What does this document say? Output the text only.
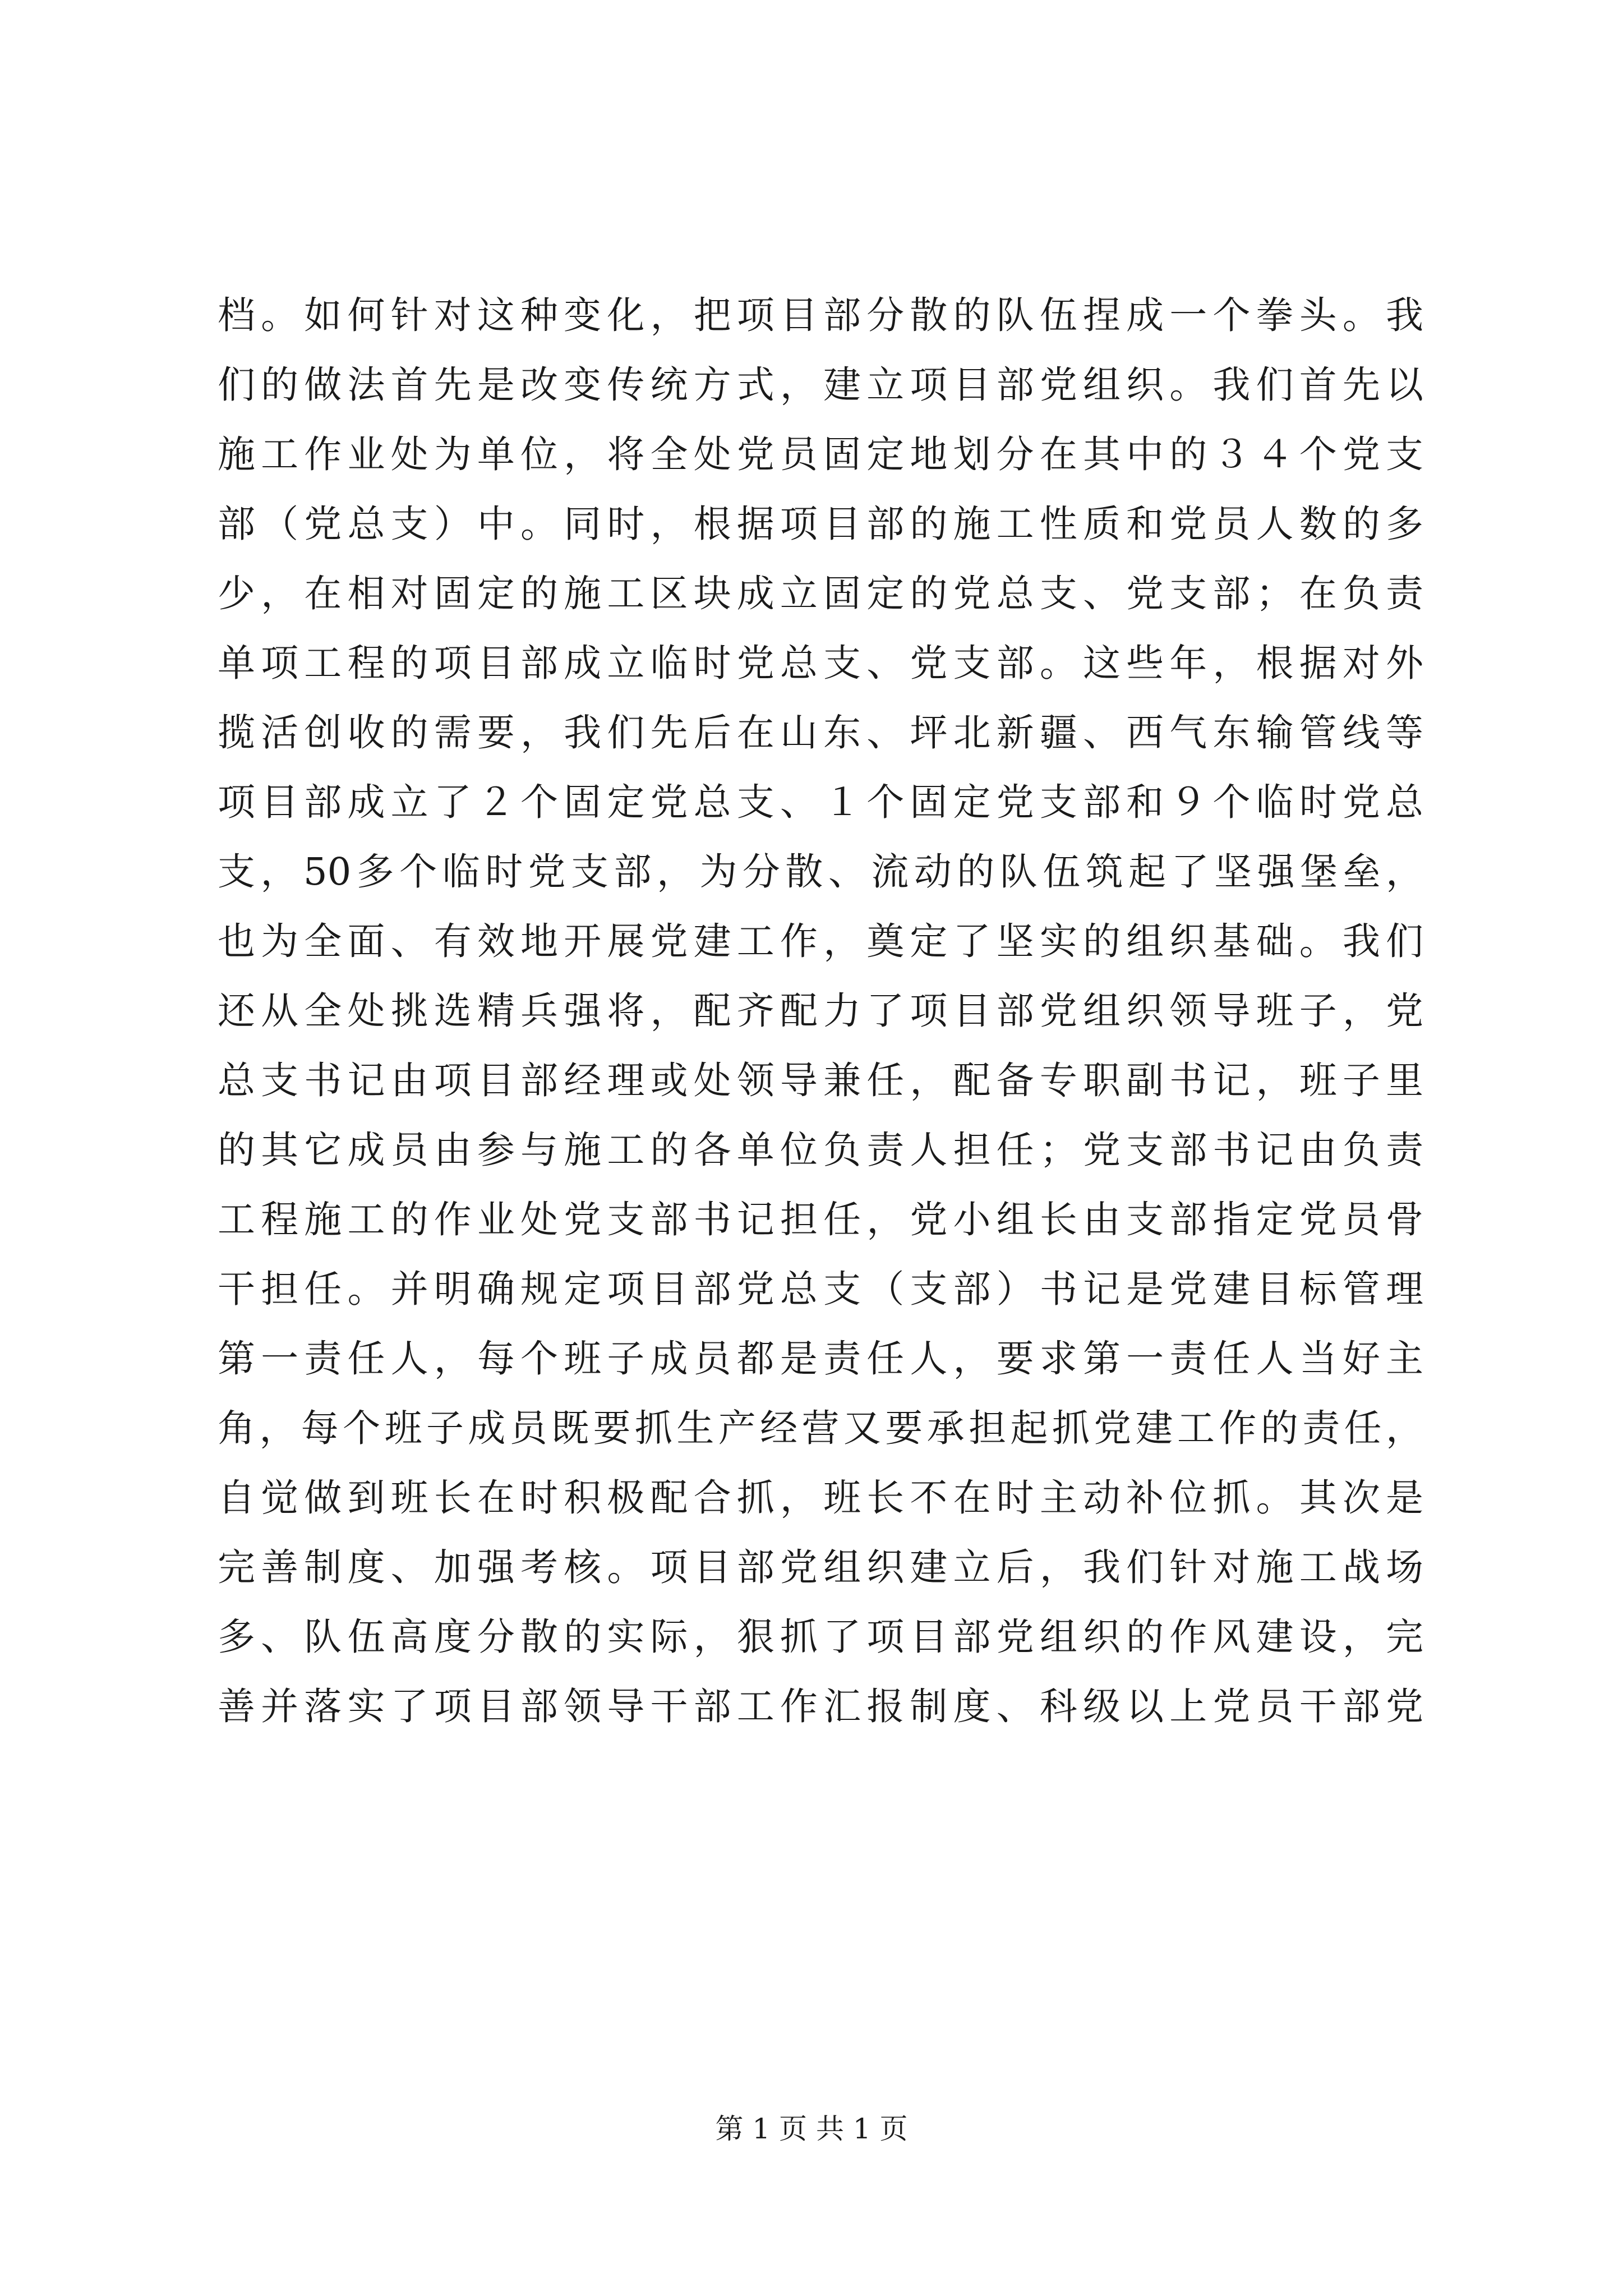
档。如何针对这种变化，把项目部分散的队伍捏成一个拳头。我
们的做法首先是改变传统方式，建立项目部党组织。我们首先以
施工作业处为单位，将全处党员固定地划分在其中的３４个党支
部（党总支）中。同时，根据项目部的施工性质和党员人数的多
少，在相对固定的施工区块成立固定的党总支、党支部；在负责
单项工程的项目部成立临时党总支、党支部。这些年，根据对外
揽活创收的需要，我们先后在山东、坪北新疆、西气东输管线等
项目部成立了２个固定党总支、１个固定党支部和９个临时党总
支，50多个临时党支部，为分散、流动的队伍筑起了坚强堡垒，
也为全面、有效地开展党建工作，奠定了坚实的组织基础。我们
还从全处挑选精兵强将，配齐配力了项目部党组织领导班子，党
总支书记由项目部经理或处领导兼任，配备专职副书记，班子里
的其它成员由参与施工的各单位负责人担任；党支部书记由负责
工程施工的作业处党支部书记担任，党小组长由支部指定党员骨
干担任。并明确规定项目部党总支（支部）书记是党建目标管理
第一责任人，每个班子成员都是责任人，要求第一责任人当好主
角，每个班子成员既要抓生产经营又要承担起抓党建工作的责任，
自觉做到班长在时积极配合抓，班长不在时主动补位抓。其次是
完善制度、加强考核。项目部党组织建立后，我们针对施工战场
多、队伍高度分散的实际，狠抓了项目部党组织的作风建设，完
善并落实了项目部领导干部工作汇报制度、科级以上党员干部党
第 1 页 共 1 页
